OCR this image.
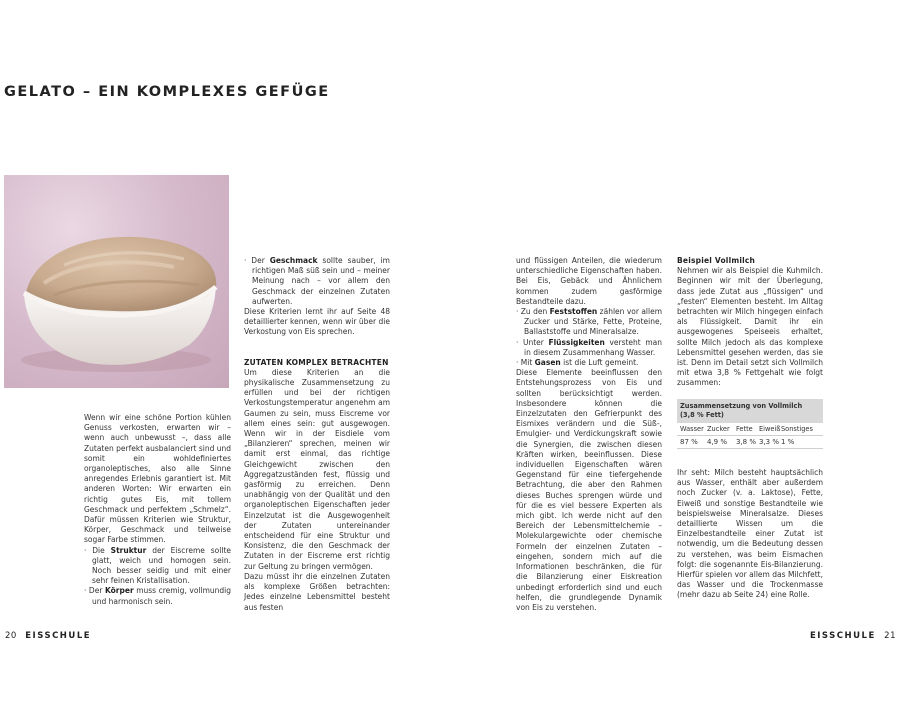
GELATO – EIN KOMPLEXES GEFÜGE

Wenn wir eine schöne Portion kühlen Genuss verkosten, erwarten wir – wenn auch unbewusst –, dass alle Zutaten perfekt ausbalanciert sind und somit ein wohldefiniertes organoleptisches, also alle Sinne anregendes Erlebnis garantiert ist. Mit anderen Worten: Wir erwarten ein richtig gutes Eis, mit tollem Geschmack und perfektem „Schmelz“. Dafür müssen Kriterien wie Struktur, Körper, Geschmack und teilweise sogar Farbe stimmen.

· Die Struktur der Eiscreme sollte glatt, weich und homogen sein. Noch besser seidig und mit einer sehr feinen Kristallisation.

· Der Körper muss cremig, vollmundig und harmonisch sein.

· Der Geschmack sollte sauber, im richtigen Maß süß sein und – meiner Meinung nach – vor allem den Geschmack der einzelnen Zutaten aufwerten.

Diese Kriterien lernt ihr auf Seite 48 detaillierter kennen, wenn wir über die Verkostung von Eis sprechen.

ZUTATEN KOMPLEX BETRACHTEN

Um diese Kriterien an die physikalische Zusammensetzung zu erfüllen und bei der richtigen Verkostungstemperatur angenehm am Gaumen zu sein, muss Eiscreme vor allem eines sein: gut ausgewogen. Wenn wir in der Eisdiele vom „Bilanzieren“ sprechen, meinen wir damit erst einmal, das richtige Gleichgewicht zwischen den Aggregatzuständen fest, flüssig und gasförmig zu erreichen. Denn unabhängig von der Qualität und den organoleptischen Eigenschaften jeder Einzelzutat ist die Ausgewogenheit der Zutaten untereinander entscheidend für eine Struktur und Konsistenz, die den Geschmack der Zutaten in der Eiscreme erst richtig zur Geltung zu bringen vermögen.

Dazu müsst ihr die einzelnen Zutaten als komplexe Größen betrachten: Jedes einzelne Lebensmittel besteht aus festen

und flüssigen Anteilen, die wiederum unterschiedliche Eigenschaften haben. Bei Eis, Gebäck und Ähnlichem kommen zudem gasförmige Bestandteile dazu.

· Zu den Feststoffen zählen vor allem Zucker und Stärke, Fette, Proteine, Ballaststoffe und Mineralsalze.

· Unter Flüssigkeiten versteht man in diesem Zusammenhang Wasser.

· Mit Gasen ist die Luft gemeint.

Diese Elemente beeinflussen den Entstehungsprozess von Eis und sollten berücksichtigt werden. Insbesondere können die Einzelzutaten den Gefrierpunkt des Eismixes verändern und die Süß-, Emulgier- und Verdickungskraft sowie die Synergien, die zwischen diesen Kräften wirken, beeinflussen. Diese individuellen Eigenschaften wären Gegenstand für eine tiefergehende Betrachtung, die aber den Rahmen dieses Buches sprengen würde und für die es viel bessere Experten als mich gibt. Ich werde nicht auf den Bereich der Lebensmittelchemie – Molekulargewichte oder chemische Formeln der einzelnen Zutaten – eingehen, sondern mich auf die Informationen beschränken, die für die Bilanzierung einer Eiskreation unbedingt erforderlich sind und euch helfen, die grundlegende Dynamik von Eis zu verstehen.

Beispiel Vollmilch

Nehmen wir als Beispiel die Kuhmilch. Beginnen wir mit der Überlegung, dass jede Zutat aus „flüssigen“ und „festen“ Elementen besteht. Im Alltag betrachten wir Milch hingegen einfach als Flüssigkeit. Damit ihr ein ausgewogenes Speiseeis erhaltet, sollte Milch jedoch als das komplexe Lebensmittel gesehen werden, das sie ist. Denn im Detail setzt sich Vollmilch mit etwa 3,8 % Fettgehalt wie folgt zusammen:

Zusammensetzung von Vollmilch
(3,8 % Fett)
Wasser Zucker Fette Eiweiß Sonstiges
87 %	4,9 %	3,8 % 3,3 % 1 %

Ihr seht: Milch besteht hauptsächlich aus Wasser, enthält aber außerdem noch Zucker (v. a. Laktose), Fette, Eiweiß und sonstige Bestandteile wie beispielsweise Mineralsalze. Dieses detaillierte Wissen um die Einzelbestandteile einer Zutat ist notwendig, um die Bedeutung dessen zu verstehen, was beim Eismachen folgt: die sogenannte Eis-Bilanzierung. Hierfür spielen vor allem das Milchfett, das Wasser und die Trockenmasse (mehr dazu ab Seite 24) eine Rolle.

20 EISSCHULE	EISSCHULE 21
